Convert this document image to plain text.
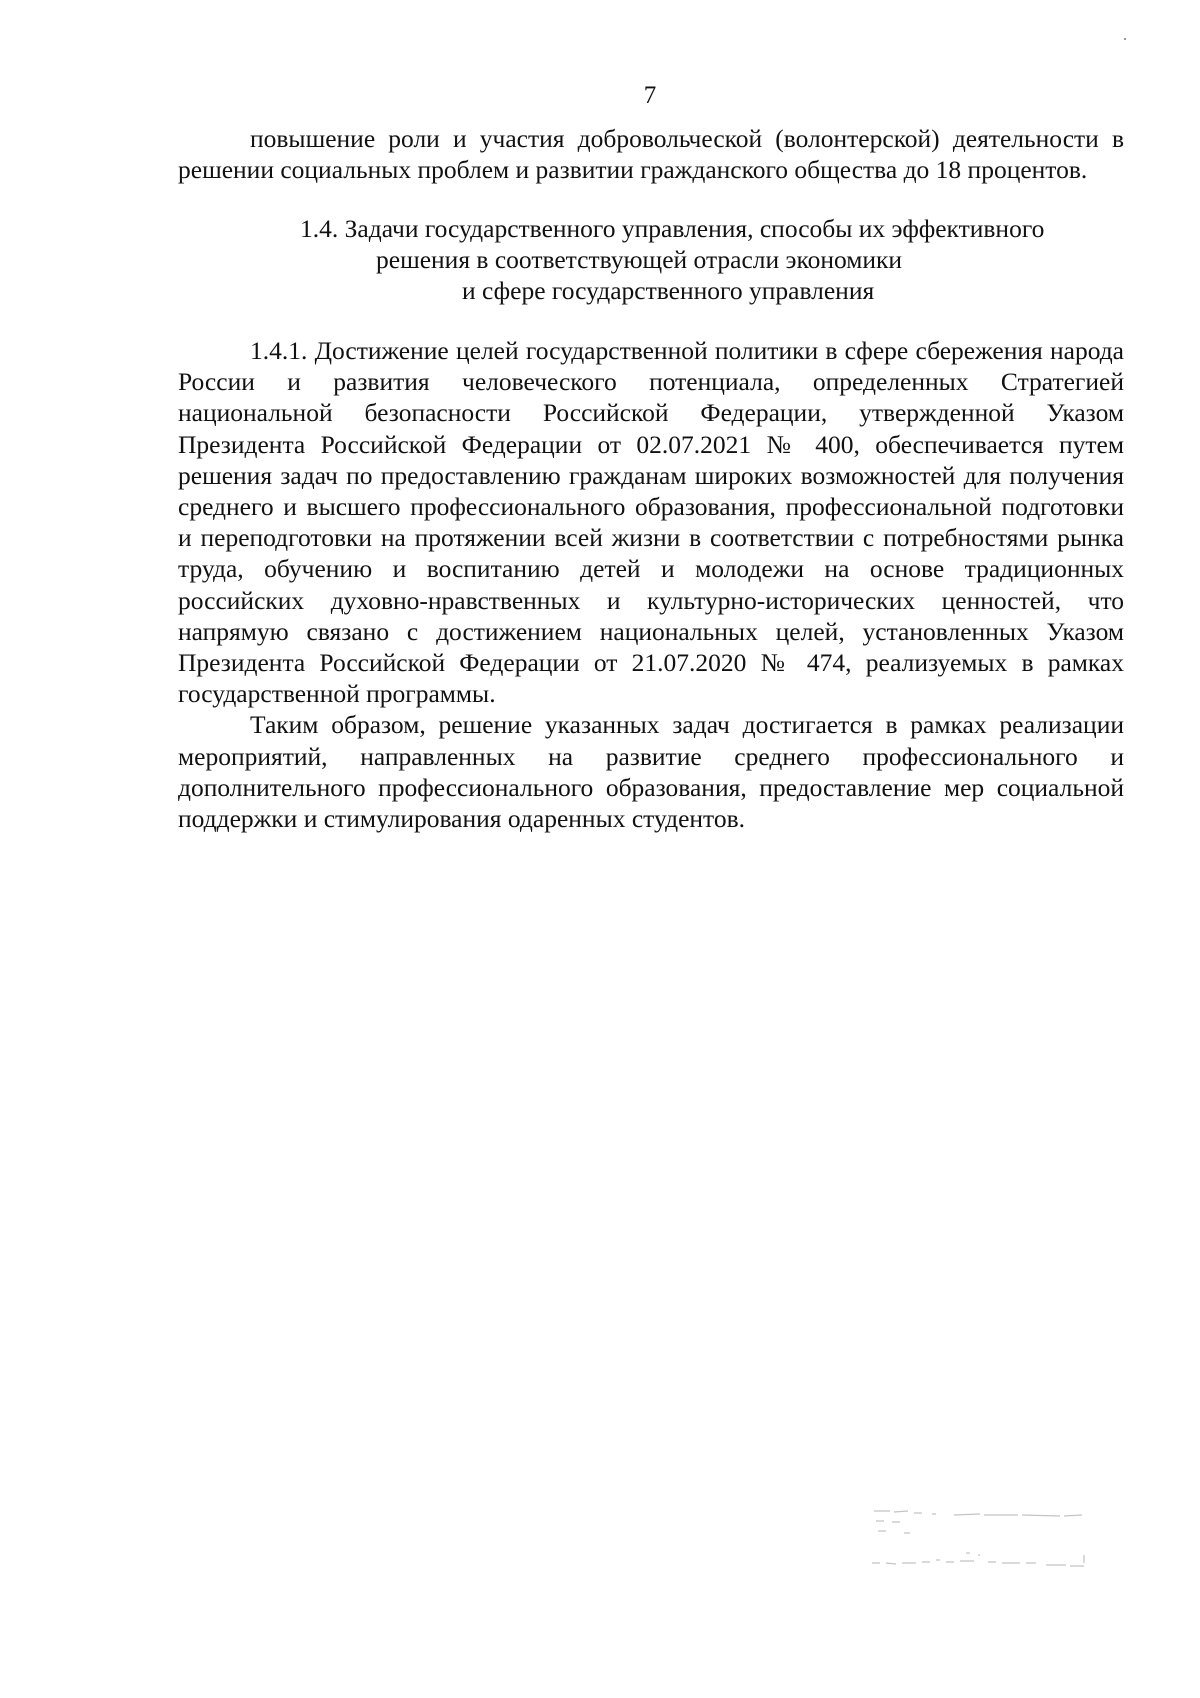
7

повышение роли и участия добровольческой (волонтерской) деятельности в решении социальных проблем и развитии гражданского общества до 18 процентов.

1.4. Задачи государственного управления, способы их эффективного
решения в соответствующей отрасли экономики
и сфере государственного управления

1.4.1. Достижение целей государственной политики в сфере сбережения народа России и развития человеческого потенциала, определенных Стратегией национальной безопасности Российской Федерации, утвержденной Указом Президента Российской Федерации от 02.07.2021 № 400, обеспечивается путем решения задач по предоставлению гражданам широких возможностей для получения среднего и высшего профессионального образования, профессиональной подготовки и переподготовки на протяжении всей жизни в соответствии с потребностями рынка труда, обучению и воспитанию детей и молодежи на основе традиционных российских духовно-нравственных и культурно-исторических ценностей, что напрямую связано с достижением национальных целей, установленных Указом Президента Российской Федерации от 21.07.2020 № 474, реализуемых в рамках государственной программы.

Таким образом, решение указанных задач достигается в рамках реализации мероприятий, направленных на развитие среднего профессионального и дополнительного профессионального образования, предоставление мер социальной поддержки и стимулирования одаренных студентов.
